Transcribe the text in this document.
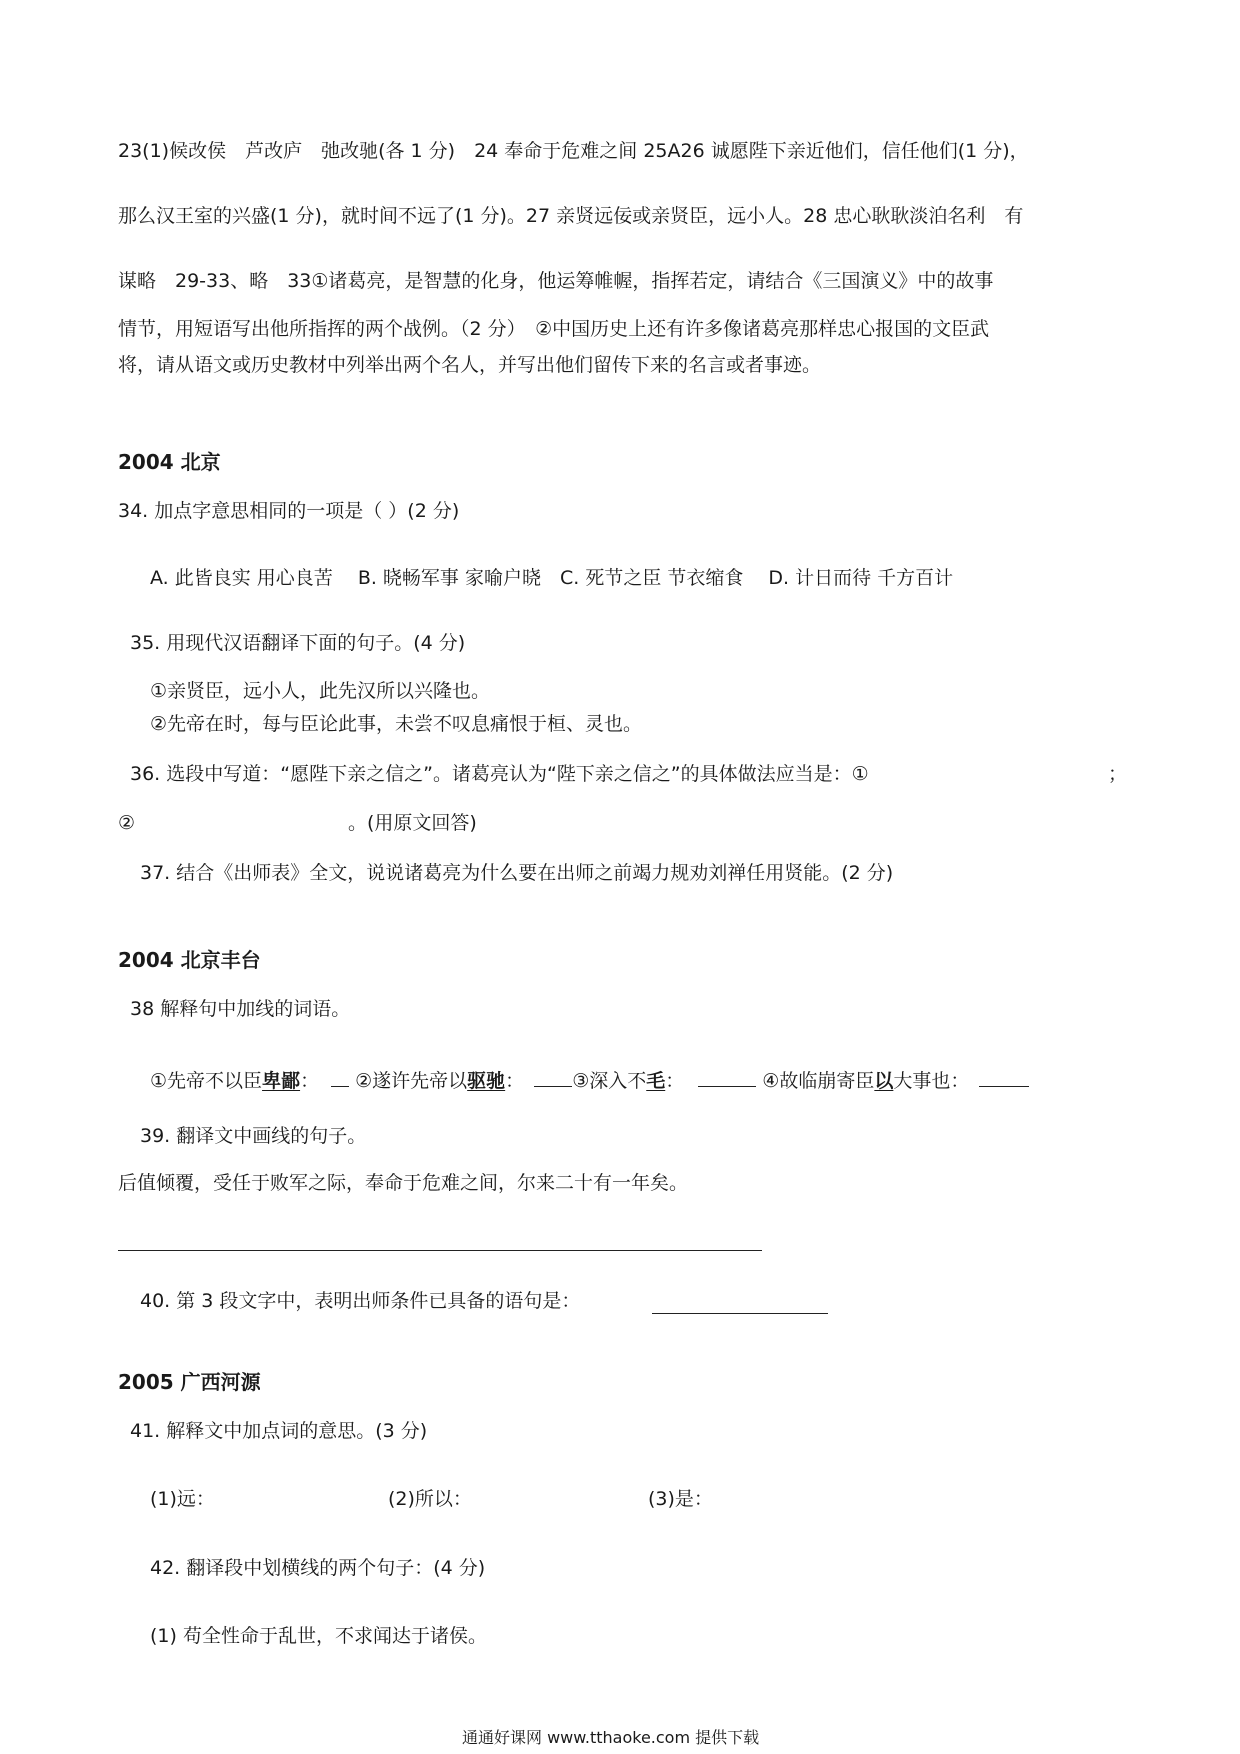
23(1)候改侯　芦改庐　弛改驰(各 1 分)　24 奉命于危难之间 25A26 诚愿陛下亲近他们，信任他们(1 分)，
那么汉王室的兴盛(1 分)，就时间不远了(1 分)。27 亲贤远佞或亲贤臣，远小人。28 忠心耿耿淡泊名利　有
谋略　29-33、略　33①诸葛亮，是智慧的化身，他运筹帷幄，指挥若定，请结合《三国演义》中的故事
情节，用短语写出他所指挥的两个战例。（2 分）　②中国历史上还有许多像诸葛亮那样忠心报国的文臣武
将，请从语文或历史教材中列举出两个名人，并写出他们留传下来的名言或者事迹。
2004 北京
34. 加点字意思相同的一项是（ ）(2 分)
A. 此皆良实 用心良苦　 B. 晓畅军事 家喻户晓　C. 死节之臣 节衣缩食　 D. 计日而待 千方百计
35. 用现代汉语翻译下面的句子。(4 分)
①亲贤臣，远小人，此先汉所以兴隆也。
②先帝在时，每与臣论此事，未尝不叹息痛恨于桓、灵也。
36. 选段中写道：“愿陛下亲之信之”。诸葛亮认为“陛下亲之信之”的具体做法应当是：①	；
②	。(用原文回答)
37. 结合《出师表》全文，说说诸葛亮为什么要在出师之前竭力规劝刘禅任用贤能。(2 分)
2004 北京丰台
38 解释句中加线的词语。
①先帝不以臣卑鄙： ②遂许先帝以驱驰：	③深入不毛：	④故临崩寄臣以大事也：
39. 翻译文中画线的句子。
后值倾覆，受任于败军之际，奉命于危难之间，尔来二十有一年矣。
40. 第 3 段文字中，表明出师条件已具备的语句是：
2005 广西河源
41. 解释文中加点词的意思。(3 分)
(1)远：	(2)所以：	(3)是：
42. 翻译段中划横线的两个句子：(4 分)
(1) 苟全性命于乱世，不求闻达于诸侯。
通通好课网 www.tthaoke.com 提供下载
